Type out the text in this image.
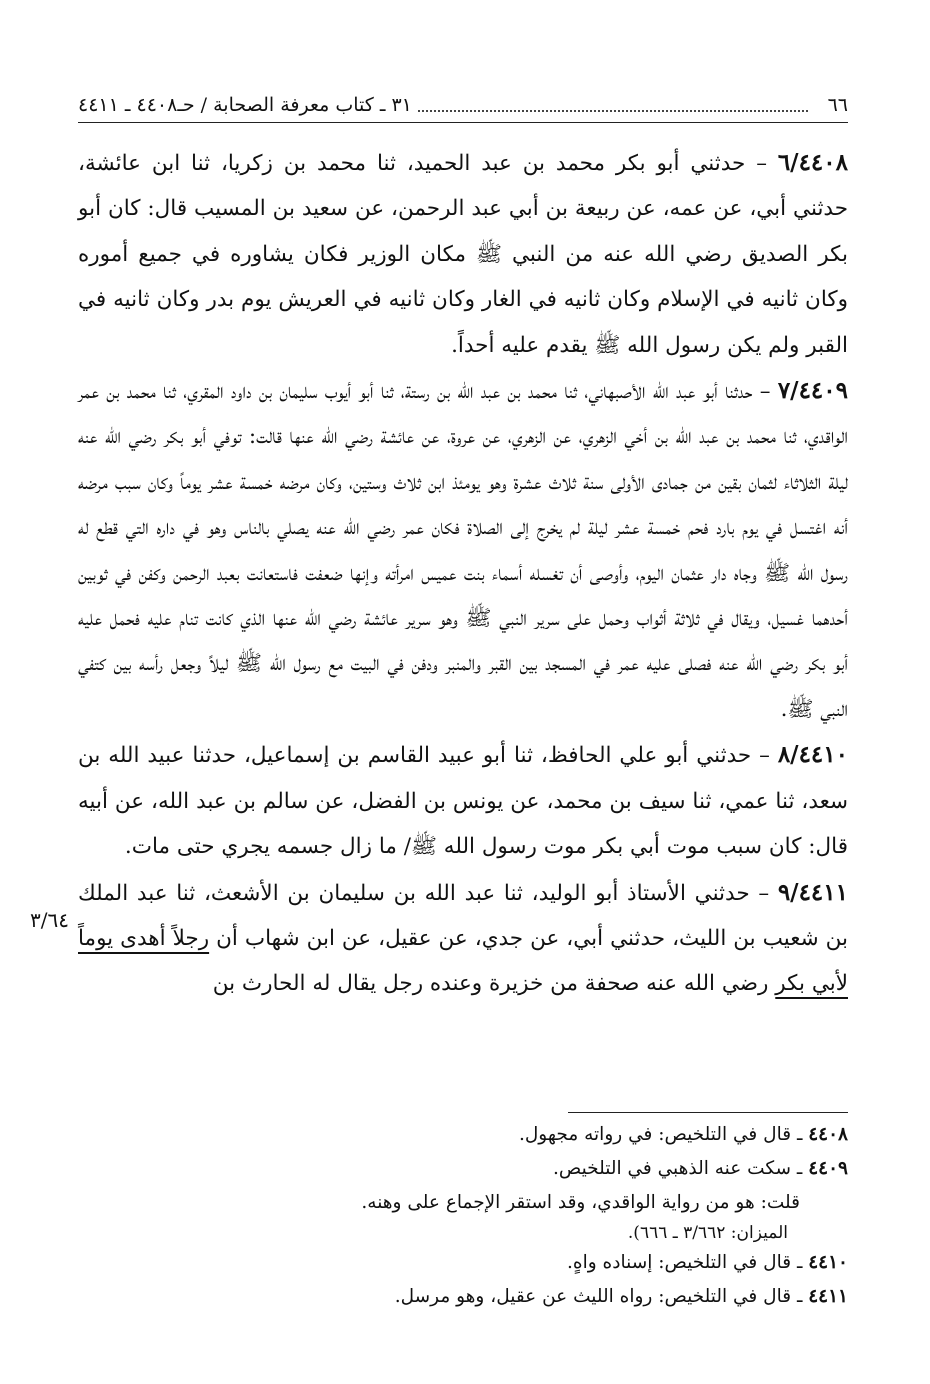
٦٦
٣١ ـ كتاب معرفة الصحابة / حـ٤٤٠٨ ـ ٤٤١١

٦/٤٤٠٨ – حدثني أبو بكر محمد بن عبد الحميد، ثنا محمد بن زكريا، ثنا ابن عائشة، حدثني أبي، عن عمه، عن ربيعة بن أبي عبد الرحمن، عن سعيد بن المسيب قال: كان أبو بكر الصديق رضي الله عنه من النبي ﷺ مكان الوزير فكان يشاوره في جميع أموره وكان ثانيه في الإسلام وكان ثانيه في الغار وكان ثانيه في العريش يوم بدر وكان ثانيه في القبر ولم يكن رسول الله ﷺ يقدم عليه أحداً.

٧/٤٤٠٩ – حدثنا أبو عبد الله الأصبهاني، ثنا محمد بن عبد الله بن رستة، ثنا أبو أيوب سليمان بن داود المقري، ثنا محمد بن عمر الواقدي، ثنا محمد بن عبد الله بن أخي الزهري، عن الزهري، عن عروة، عن عائشة رضي الله عنها قالت: توفي أبو بكر رضي الله عنه ليلة الثلاثاء لثمان بقين من جمادى الأولى سنة ثلاث عشرة وهو يومئذ ابن ثلاث وستين، وكان مرضه خمسة عشر يوماً وكان سبب مرضه أنه اغتسل في يوم بارد فحم خمسة عشر ليلة لم يخرج إلى الصلاة فكان عمر رضي الله عنه يصلي بالناس وهو في داره التي قطع له رسول الله ﷺ وجاه دار عثمان اليوم، وأوصى أن تغسله أسماء بنت عميس امرأته وإنها ضعفت فاستعانت بعبد الرحمن وكفن في ثوبين أحدهما غسيل، ويقال في ثلاثة أثواب وحمل على سرير النبي ﷺ وهو سرير عائشة رضي الله عنها الذي كانت تنام عليه فحمل عليه أبو بكر رضي الله عنه فصلى عليه عمر في المسجد بين القبر والمنبر ودفن في البيت مع رسول الله ﷺ ليلاً وجعل رأسه بين كتفي النبي ﷺ.

٨/٤٤١٠ – حدثني أبو علي الحافظ، ثنا أبو عبيد القاسم بن إسماعيل، حدثنا عبيد الله بن سعد، ثنا عمي، ثنا سيف بن محمد، عن يونس بن الفضل، عن سالم بن عبد الله، عن أبيه قال: كان سبب موت أبي بكر موت رسول الله ﷺ/ ما زال جسمه يجري حتى مات.

٩/٤٤١١ – حدثني الأستاذ أبو الوليد، ثنا عبد الله بن سليمان بن الأشعث، ثنا عبد الملك بن شعيب بن الليث، حدثني أبي، عن جدي، عن عقيل، عن ابن شهاب أن رجلاً أهدى يوماً لأبي بكر رضي الله عنه صحفة من خزيرة وعنده رجل يقال له الحارث بن

٣/٦٤

٤٤٠٨ ـ قال في التلخيص: في رواته مجهول.

٤٤٠٩ ـ سكت عنه الذهبي في التلخيص.

قلت: هو من رواية الواقدي، وقد استقر الإجماع على وهنه.

الميزان: ٣/٦٦٢ ـ ٦٦٦).

٤٤١٠ ـ قال في التلخيص: إسناده واهٍ.

٤٤١١ ـ قال في التلخيص: رواه الليث عن عقيل، وهو مرسل.
